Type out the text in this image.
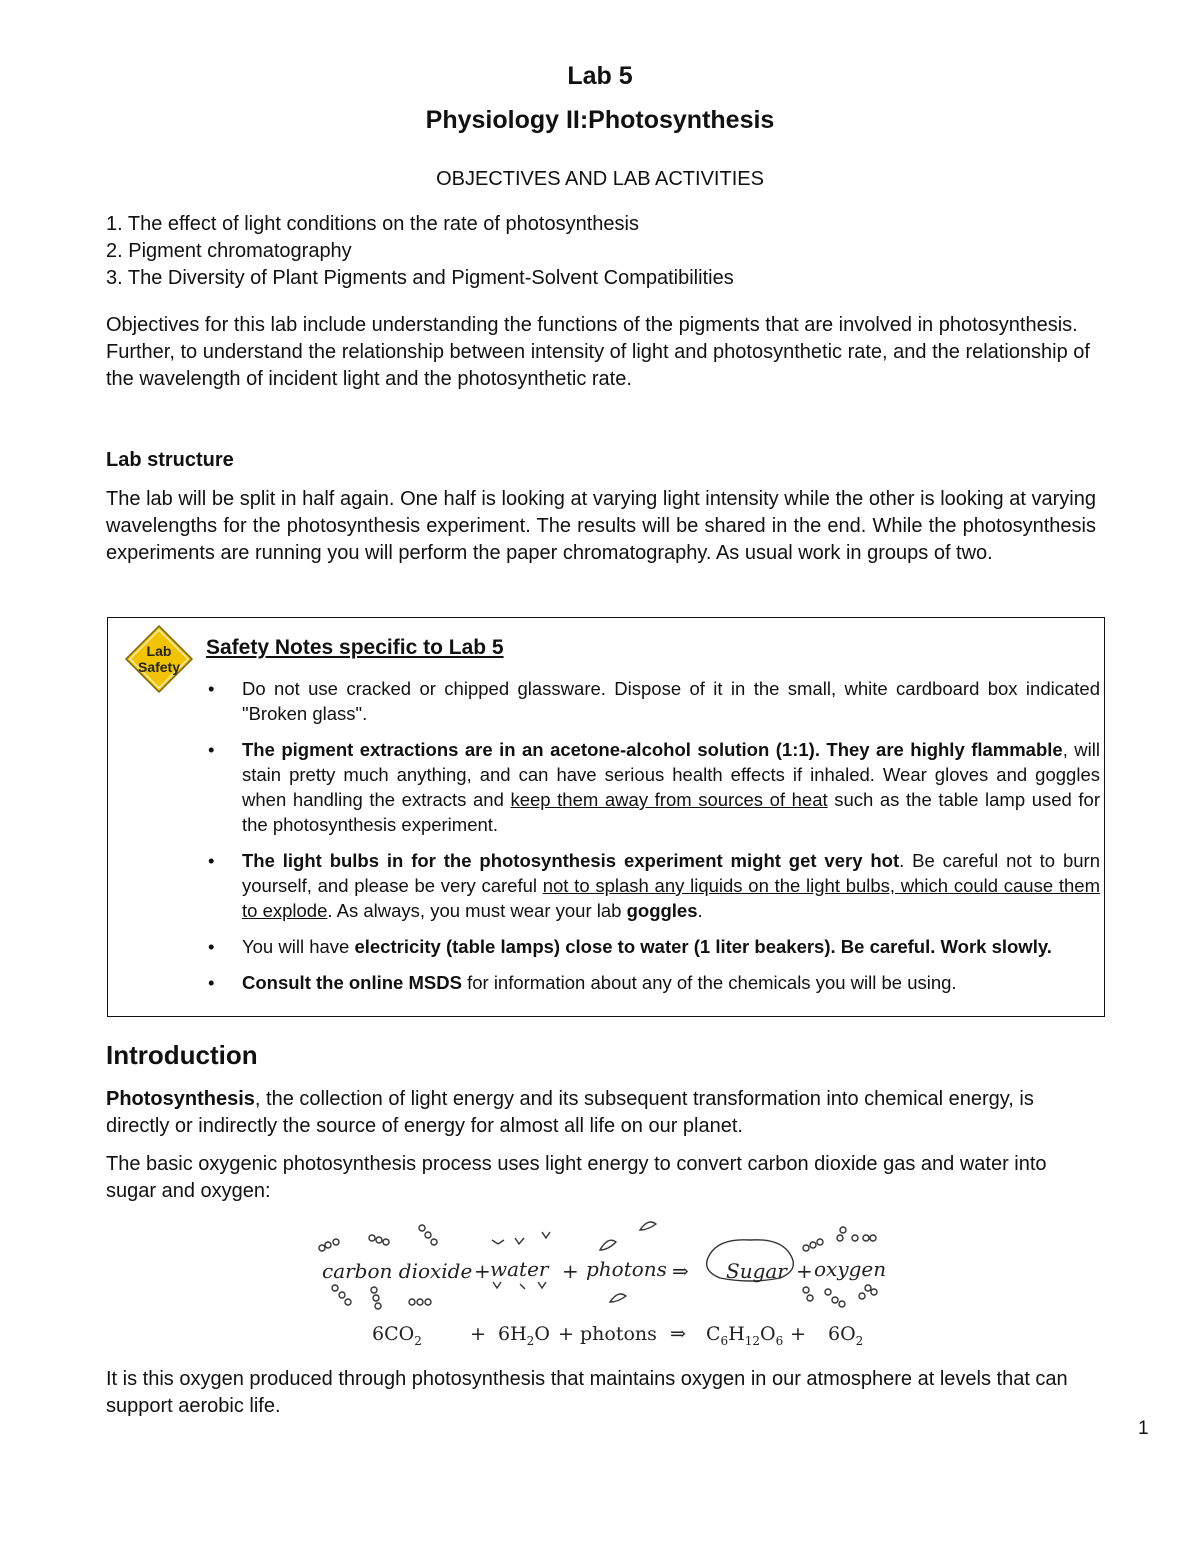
Lab 5
Physiology II:Photosynthesis
OBJECTIVES AND LAB ACTIVITIES
1. The effect of light conditions on the rate of photosynthesis
2. Pigment chromatography
3. The Diversity of Plant Pigments and Pigment-Solvent Compatibilities
Objectives for this lab include understanding the functions of the pigments that are involved in photosynthesis. Further, to understand the relationship between intensity of light and photosynthetic rate, and the relationship of the wavelength of incident light and the photosynthetic rate.
Lab structure
The lab will be split in half again. One half is looking at varying light intensity while the other is looking at varying wavelengths for the photosynthesis experiment. The results will be shared in the end. While the photosynthesis experiments are running you will perform the paper chromatography. As usual work in groups of two.
Lab
Safety
Safety Notes specific to Lab 5
• Do not use cracked or chipped glassware. Dispose of it in the small, white cardboard box indicated "Broken glass".
• The pigment extractions are in an acetone-alcohol solution (1:1). They are highly flammable, will stain pretty much anything, and can have serious health effects if inhaled. Wear gloves and goggles when handling the extracts and keep them away from sources of heat such as the table lamp used for the photosynthesis experiment.
• The light bulbs in for the photosynthesis experiment might get very hot. Be careful not to burn yourself, and please be very careful not to splash any liquids on the light bulbs, which could cause them to explode. As always, you must wear your lab goggles.
• You will have electricity (table lamps) close to water (1 liter beakers). Be careful. Work slowly.
• Consult the online MSDS for information about any of the chemicals you will be using.
Introduction
Photosynthesis, the collection of light energy and its subsequent transformation into chemical energy, is directly or indirectly the source of energy for almost all life on our planet.
The basic oxygenic photosynthesis process uses light energy to convert carbon dioxide gas and water into sugar and oxygen:
carbon dioxide + water + photons ⇒ Sugar + oxygen
$6CO_2$	+ $6H_2O$ + photons ⇒ $C_6H_{12}O_6 + 6O_2$
It is this oxygen produced through photosynthesis that maintains oxygen in our atmosphere at levels that can support aerobic life.
1
